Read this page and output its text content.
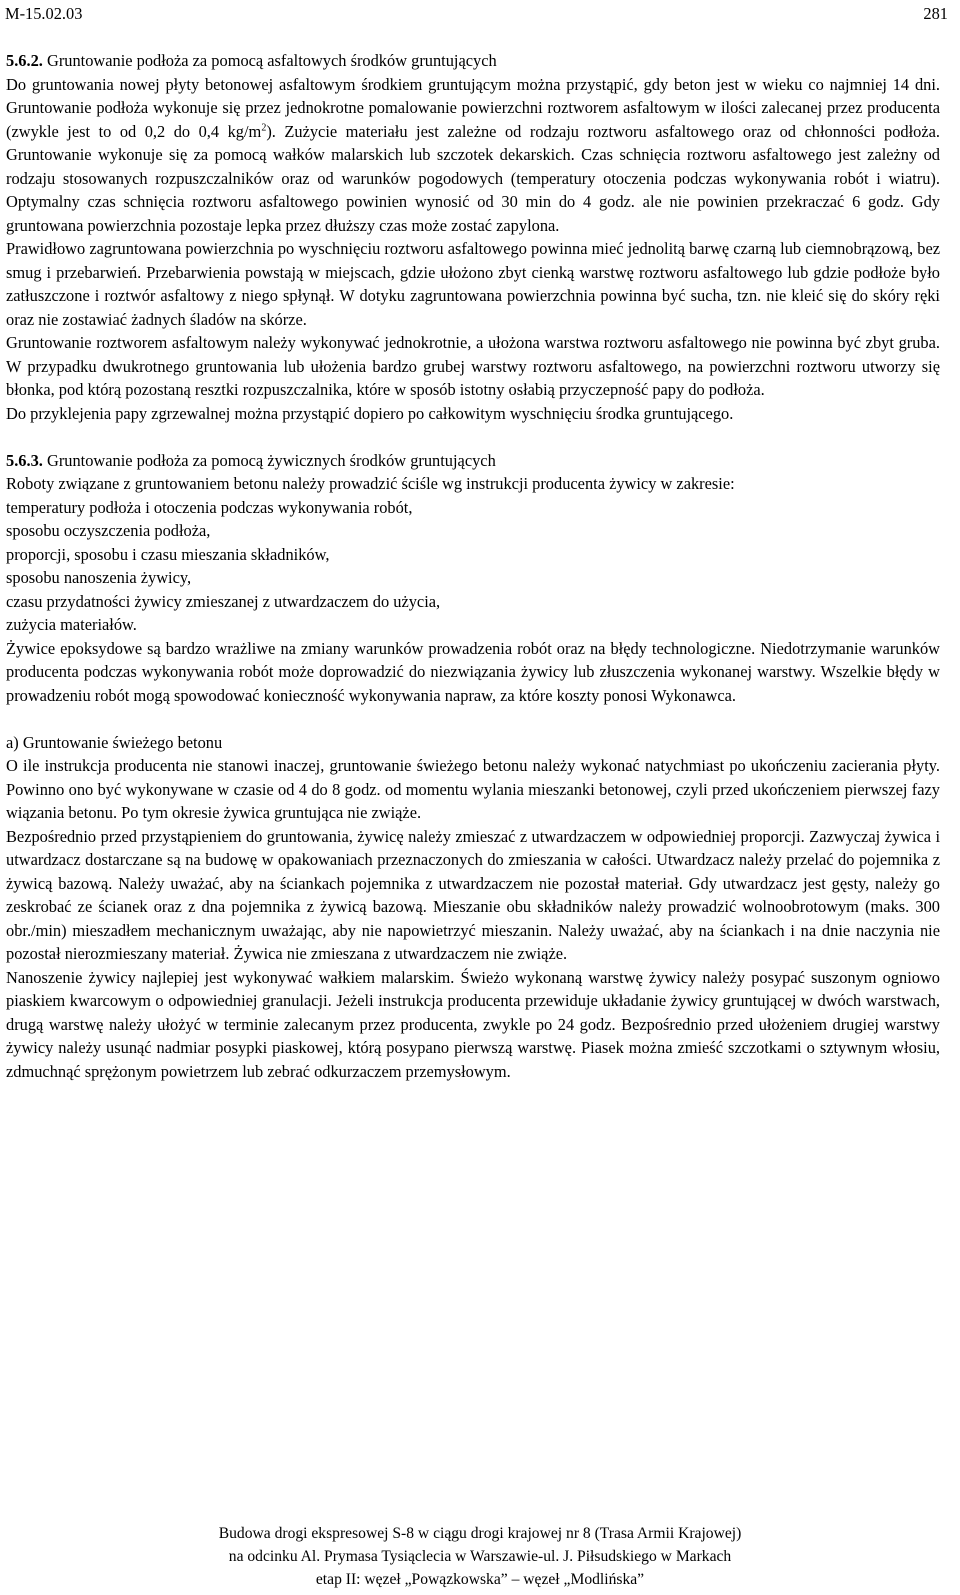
M-15.02.03	281

5.6.2. Gruntowanie podłoża za pomocą asfaltowych środków gruntujących

Do gruntowania nowej płyty betonowej asfaltowym środkiem gruntującym można przystąpić, gdy beton jest w wieku co najmniej 14 dni. Gruntowanie podłoża wykonuje się przez jednokrotne pomalowanie powierzchni roztworem asfaltowym w ilości zalecanej przez producenta (zwykle jest to od 0,2 do 0,4 $kg/m^2$). Zużycie materiału jest zależne od rodzaju roztworu asfaltowego oraz od chłonności podłoża. Gruntowanie wykonuje się za pomocą wałków malarskich lub szczotek dekarskich. Czas schnięcia roztworu asfaltowego jest zależny od rodzaju stosowanych rozpuszczalników oraz od warunków pogodowych (temperatury otoczenia podczas wykonywania robót i wiatru). Optymalny czas schnięcia roztworu asfaltowego powinien wynosić od 30 min do 4 godz. ale nie powinien przekraczać 6 godz. Gdy gruntowana powierzchnia pozostaje lepka przez dłuższy czas może zostać zapylona.

Prawidłowo zagruntowana powierzchnia po wyschnięciu roztworu asfaltowego powinna mieć jednolitą barwę czarną lub ciemnobrązową, bez smug i przebarwień. Przebarwienia powstają w miejscach, gdzie ułożono zbyt cienką warstwę roztworu asfaltowego lub gdzie podłoże było zatłuszczone i roztwór asfaltowy z niego spłynął. W dotyku zagruntowana powierzchnia powinna być sucha, tzn. nie kleić się do skóry ręki oraz nie zostawiać żadnych śladów na skórze.

Gruntowanie roztworem asfaltowym należy wykonywać jednokrotnie, a ułożona warstwa roztworu asfaltowego nie powinna być zbyt gruba. W przypadku dwukrotnego gruntowania lub ułożenia bardzo grubej warstwy roztworu asfaltowego, na powierzchni roztworu utworzy się błonka, pod którą pozostaną resztki rozpuszczalnika, które w sposób istotny osłabią przyczepność papy do podłoża.

Do przyklejenia papy zgrzewalnej można przystąpić dopiero po całkowitym wyschnięciu środka gruntującego.

5.6.3. Gruntowanie podłoża za pomocą żywicznych środków gruntujących

Roboty związane z gruntowaniem betonu należy prowadzić ściśle wg instrukcji producenta żywicy w zakresie:

temperatury podłoża i otoczenia podczas wykonywania robót,

sposobu oczyszczenia podłoża,

proporcji, sposobu i czasu mieszania składników,

sposobu nanoszenia żywicy,

czasu przydatności żywicy zmieszanej z utwardzaczem do użycia,

zużycia materiałów.

Żywice epoksydowe są bardzo wrażliwe na zmiany warunków prowadzenia robót oraz na błędy technologiczne. Niedotrzymanie warunków producenta podczas wykonywania robót może doprowadzić do niezwiązania żywicy lub złuszczenia wykonanej warstwy. Wszelkie błędy w prowadzeniu robót mogą spowodować konieczność wykonywania napraw, za które koszty ponosi Wykonawca.

a) Gruntowanie świeżego betonu

O ile instrukcja producenta nie stanowi inaczej, gruntowanie świeżego betonu należy wykonać natychmiast po ukończeniu zacierania płyty. Powinno ono być wykonywane w czasie od 4 do 8 godz. od momentu wylania mieszanki betonowej, czyli przed ukończeniem pierwszej fazy wiązania betonu. Po tym okresie żywica gruntująca nie zwiąże.

Bezpośrednio przed przystąpieniem do gruntowania, żywicę należy zmieszać z utwardzaczem w odpowiedniej proporcji. Zazwyczaj żywica i utwardzacz dostarczane są na budowę w opakowaniach przeznaczonych do zmieszania w całości. Utwardzacz należy przelać do pojemnika z żywicą bazową. Należy uważać, aby na ściankach pojemnika z utwardzaczem nie pozostał materiał. Gdy utwardzacz jest gęsty, należy go zeskrobać ze ścianek oraz z dna pojemnika z żywicą bazową. Mieszanie obu składników należy prowadzić wolnoobrotowym (maks. 300 obr./min) mieszadłem mechanicznym uważając, aby nie napowietrzyć mieszanin. Należy uważać, aby na ściankach i na dnie naczynia nie pozostał nierozmieszany materiał. Żywica nie zmieszana z utwardzaczem nie zwiąże.

Nanoszenie żywicy najlepiej jest wykonywać wałkiem malarskim. Świeżo wykonaną warstwę żywicy należy posypać suszonym ogniowo piaskiem kwarcowym o odpowiedniej granulacji. Jeżeli instrukcja producenta przewiduje układanie żywicy gruntującej w dwóch warstwach, drugą warstwę należy ułożyć w terminie zalecanym przez producenta, zwykle po 24 godz. Bezpośrednio przed ułożeniem drugiej warstwy żywicy należy usunąć nadmiar posypki piaskowej, którą posypano pierwszą warstwę. Piasek można zmieść szczotkami o sztywnym włosiu, zdmuchnąć sprężonym powietrzem lub zebrać odkurzaczem przemysłowym.

Budowa drogi ekspresowej S-8 w ciągu drogi krajowej nr 8 (Trasa Armii Krajowej)
na odcinku Al. Prymasa Tysiąclecia w Warszawie-ul. J. Piłsudskiego w Markach
etap II: węzeł „Powązkowska” – węzeł „Modlińska”
